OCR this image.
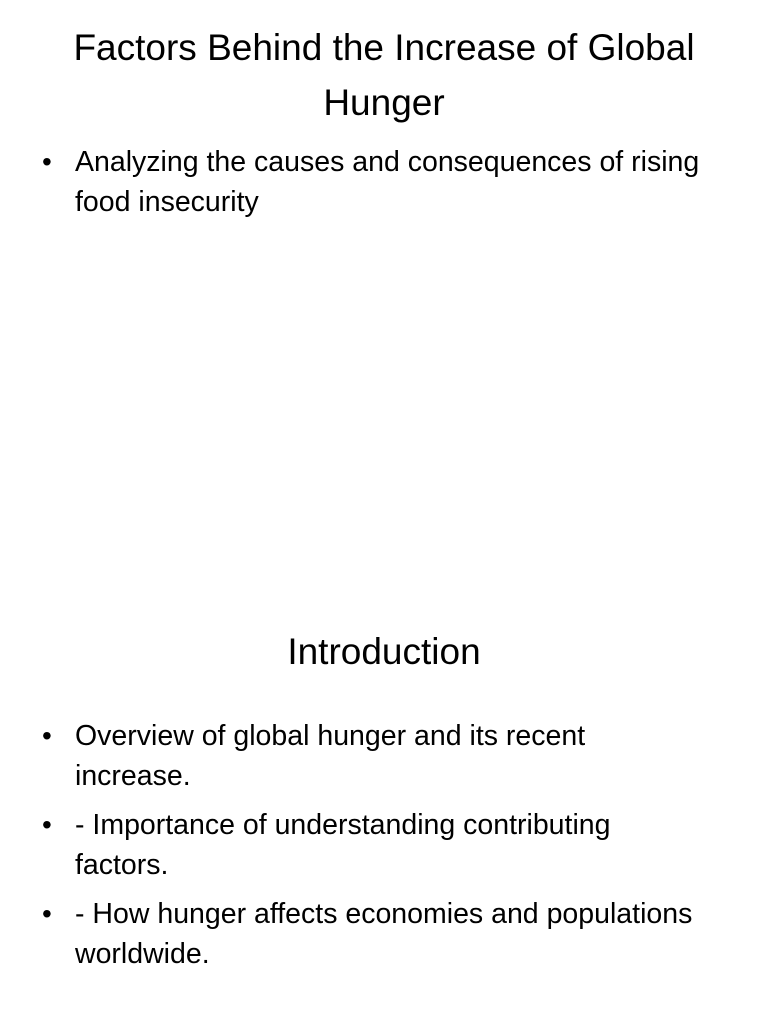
Factors Behind the Increase of Global Hunger
• Analyzing the causes and consequences of rising food insecurity
Introduction
• Overview of global hunger and its recent increase.
• - Importance of understanding contributing factors.
• - How hunger affects economies and populations worldwide.
